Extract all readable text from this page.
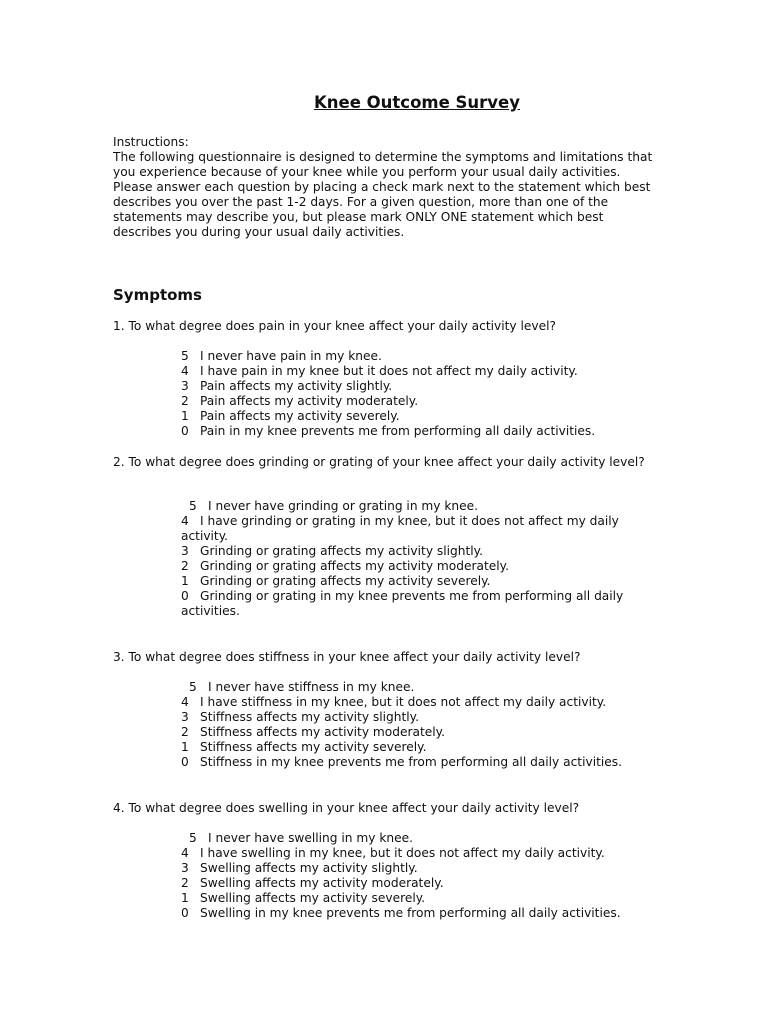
Knee Outcome Survey

Instructions:

The following questionnaire is designed to determine the symptoms and limitations that you experience because of your knee while you perform your usual daily activities. Please answer each question by placing a check mark next to the statement which best describes you over the past 1-2 days. For a given question, more than one of the statements may describe you, but please mark ONLY ONE statement which best describes you during your usual daily activities.

Symptoms
1. To what degree does pain in your knee affect your daily activity level?
5 I never have pain in my knee.
4 I have pain in my knee but it does not affect my daily activity.
3 Pain affects my activity slightly.
2 Pain affects my activity moderately.
1 Pain affects my activity severely.
0 Pain in my knee prevents me from performing all daily activities.
2. To what degree does grinding or grating of your knee affect your daily activity level?
5 I never have grinding or grating in my knee.
4 I have grinding or grating in my knee, but it does not affect my daily activity.
3 Grinding or grating affects my activity slightly.
2 Grinding or grating affects my activity moderately.
1 Grinding or grating affects my activity severely.
0 Grinding or grating in my knee prevents me from performing all daily activities.
3. To what degree does stiffness in your knee affect your daily activity level?
5 I never have stiffness in my knee.
4 I have stiffness in my knee, but it does not affect my daily activity.
3 Stiffness affects my activity slightly.
2 Stiffness affects my activity moderately.
1 Stiffness affects my activity severely.
0 Stiffness in my knee prevents me from performing all daily activities.
4. To what degree does swelling in your knee affect your daily activity level?
5 I never have swelling in my knee.
4 I have swelling in my knee, but it does not affect my daily activity.
3 Swelling affects my activity slightly.
2 Swelling affects my activity moderately.
1 Swelling affects my activity severely.
0 Swelling in my knee prevents me from performing all daily activities.
